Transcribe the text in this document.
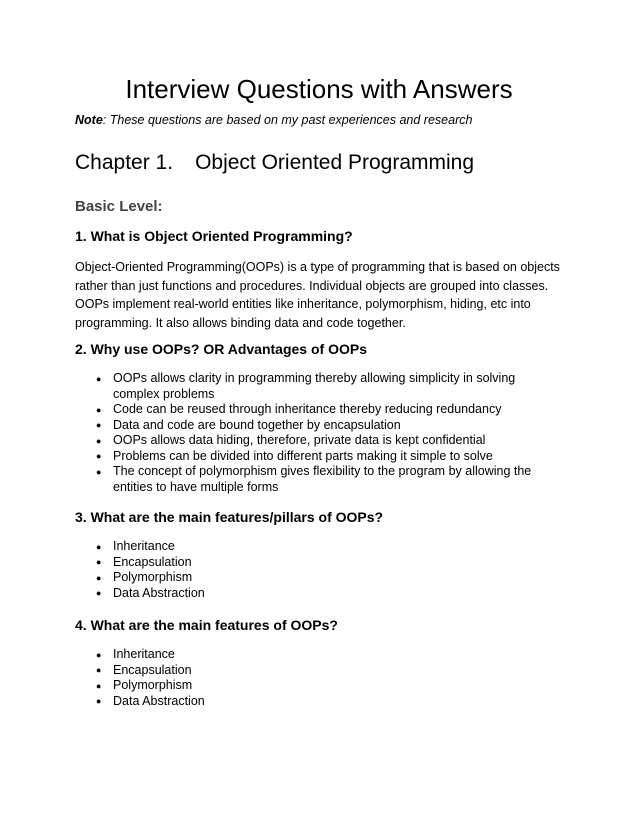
Interview Questions with Answers

Note: These questions are based on my past experiences and research

Chapter 1. Object Oriented Programming
Basic Level:
1. What is Object Oriented Programming?

Object-Oriented Programming(OOPs) is a type of programming that is based on objects rather than just functions and procedures. Individual objects are grouped into classes. OOPs implement real-world entities like inheritance, polymorphism, hiding, etc into programming. It also allows binding data and code together.

2. Why use OOPs? OR Advantages of OOPs
● OOPs allows clarity in programming thereby allowing simplicity in solving complex problems
● Code can be reused through inheritance thereby reducing redundancy
● Data and code are bound together by encapsulation
● OOPs allows data hiding, therefore, private data is kept confidential
● Problems can be divided into different parts making it simple to solve
● The concept of polymorphism gives flexibility to the program by allowing the entities to have multiple forms
3. What are the main features/pillars of OOPs?
● Inheritance
● Encapsulation
● Polymorphism
● Data Abstraction
4. What are the main features of OOPs?
● Inheritance
● Encapsulation
● Polymorphism
● Data Abstraction
